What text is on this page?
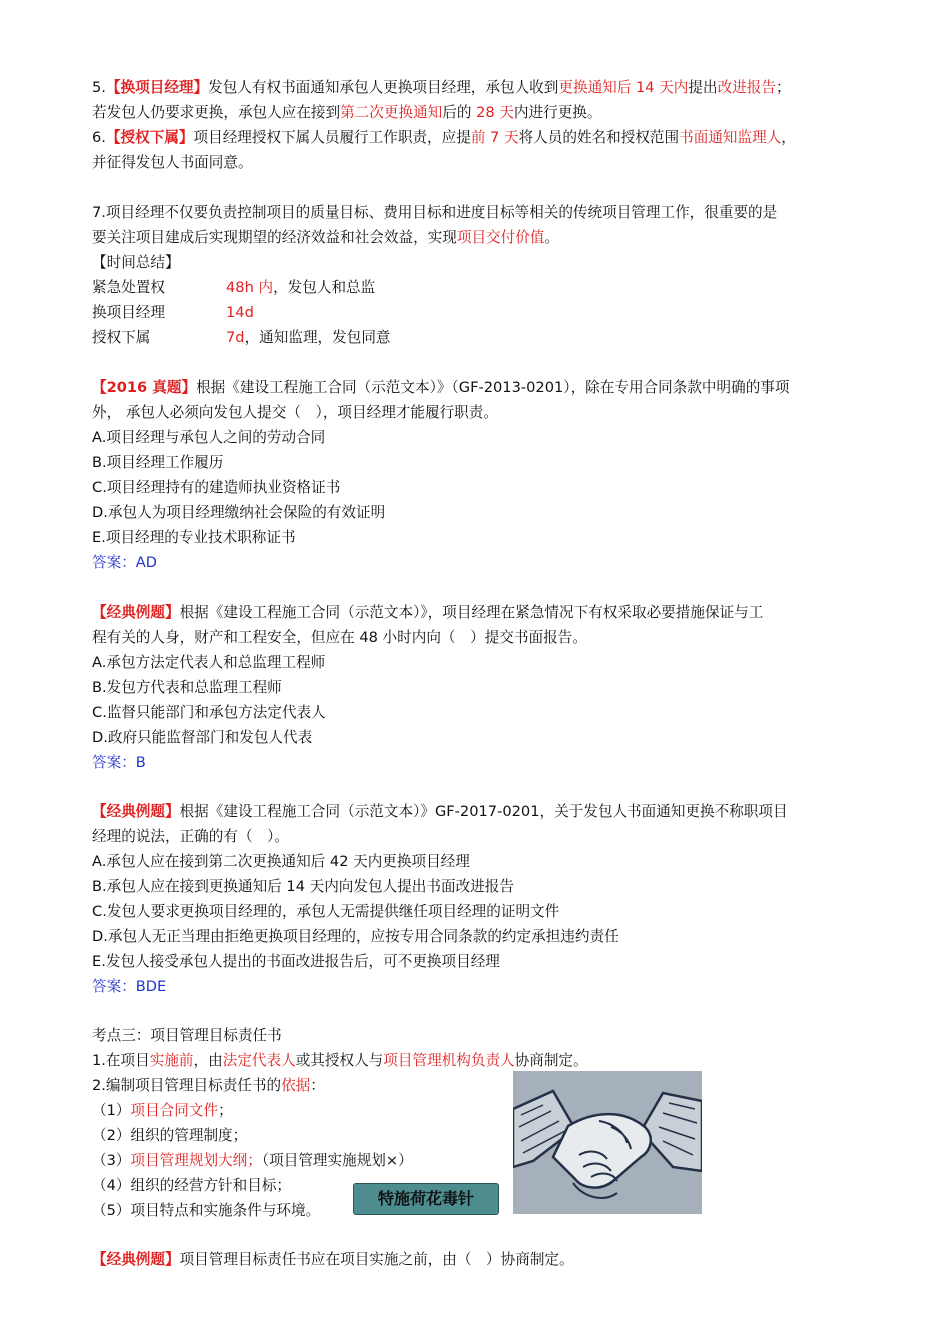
5.【换项目经理】发包人有权书面通知承包人更换项目经理，承包人收到更换通知后 14 天内提出改进报告；
若发包人仍要求更换，承包人应在接到第二次更换通知后的 28 天内进行更换。
6.【授权下属】项目经理授权下属人员履行工作职责，应提前 7 天将人员的姓名和授权范围书面通知监理人，
并征得发包人书面同意。
7.项目经理不仅要负责控制项目的质量目标、费用目标和进度目标等相关的传统项目管理工作，很重要的是
要关注项目建成后实现期望的经济效益和社会效益，实现项目交付价值。
【时间总结】
紧急处置权	48h 内，发包人和总监
换项目经理	14d
授权下属	7d，通知监理，发包同意
【2016 真题】根据《建设工程施工合同（示范文本）》（GF-2013-0201），除在专用合同条款中明确的事项
外， 承包人必须向发包人提交（　），项目经理才能履行职责。
A.项目经理与承包人之间的劳动合同
B.项目经理工作履历
C.项目经理持有的建造师执业资格证书
D.承包人为项目经理缴纳社会保险的有效证明
E.项目经理的专业技术职称证书
答案：AD
【经典例题】根据《建设工程施工合同（示范文本）》，项目经理在紧急情况下有权采取必要措施保证与工
程有关的人身，财产和工程安全，但应在 48 小时内向（　）提交书面报告。
A.承包方法定代表人和总监理工程师
B.发包方代表和总监理工程师
C.监督只能部门和承包方法定代表人
D.政府只能监督部门和发包人代表
答案：B
【经典例题】根据《建设工程施工合同（示范文本）》GF-2017-0201，关于发包人书面通知更换不称职项目
经理的说法，正确的有（　）。
A.承包人应在接到第二次更换通知后 42 天内更换项目经理
B.承包人应在接到更换通知后 14 天内向发包人提出书面改进报告
C.发包人要求更换项目经理的，承包人无需提供继任项目经理的证明文件
D.承包人无正当理由拒绝更换项目经理的，应按专用合同条款的约定承担违约责任
E.发包人接受承包人提出的书面改进报告后，可不更换项目经理
答案：BDE
考点三：项目管理目标责任书
1.在项目实施前，由法定代表人或其授权人与项目管理机构负责人协商制定。
2.编制项目管理目标责任书的依据：
（1）项目合同文件；
（2）组织的管理制度；
（3）项目管理规划大纲；（项目管理实施规划×）
（4）组织的经营方针和目标；
（5）项目特点和实施条件与环境。
特施荷花毒针
【经典例题】项目管理目标责任书应在项目实施之前，由（　）协商制定。
